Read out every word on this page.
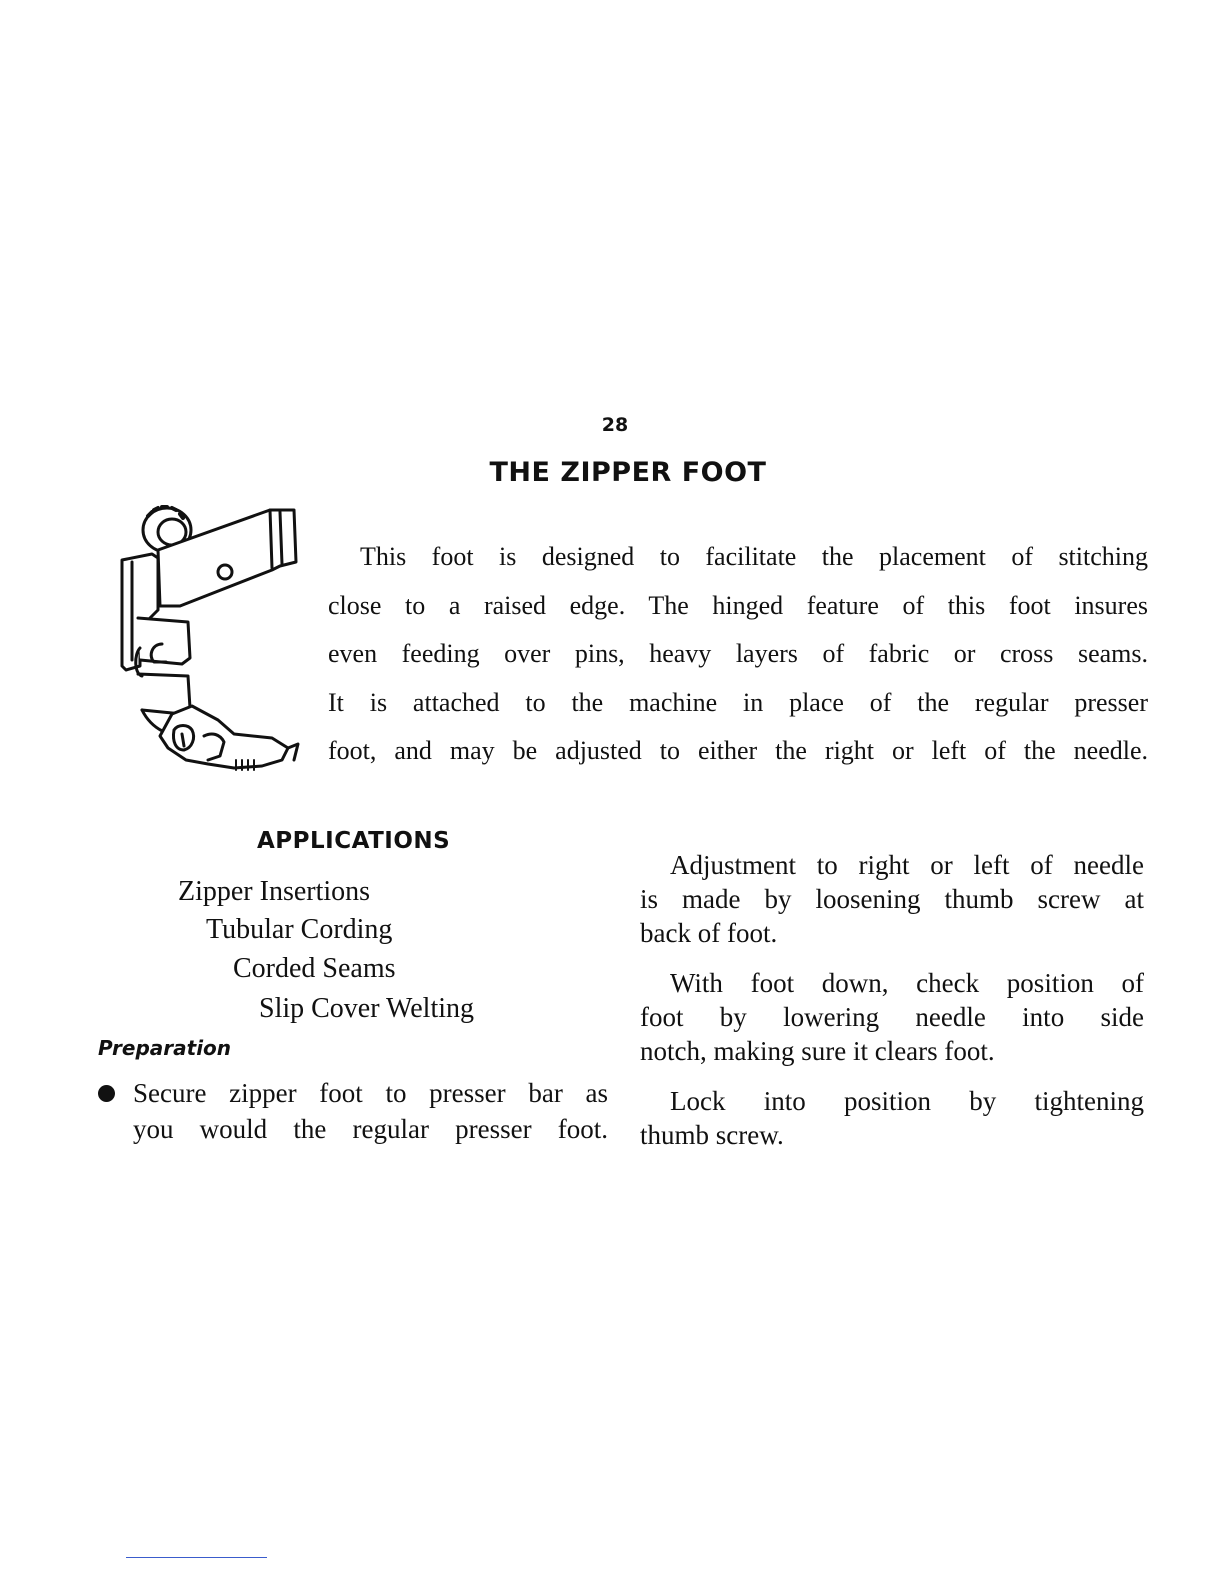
28
THE ZIPPER FOOT
This foot is designed to facilitate the placement of stitching
close to a raised edge. The hinged feature of this foot insures
even feeding over pins, heavy layers of fabric or cross seams.
It is attached to the machine in place of the regular presser
foot, and may be adjusted to either the right or left of the needle.
APPLICATIONS
Zipper Insertions
Tubular Cording
Corded Seams
Slip Cover Welting
Preparation
Secure zipper foot to presser bar as
you would the regular presser foot.

Adjustment to right or left of needle
is made by loosening thumb screw at
back of foot.

With foot down, check position of
foot by lowering needle into side
notch, making sure it clears foot.

Lock into position by tightening
thumb screw.
